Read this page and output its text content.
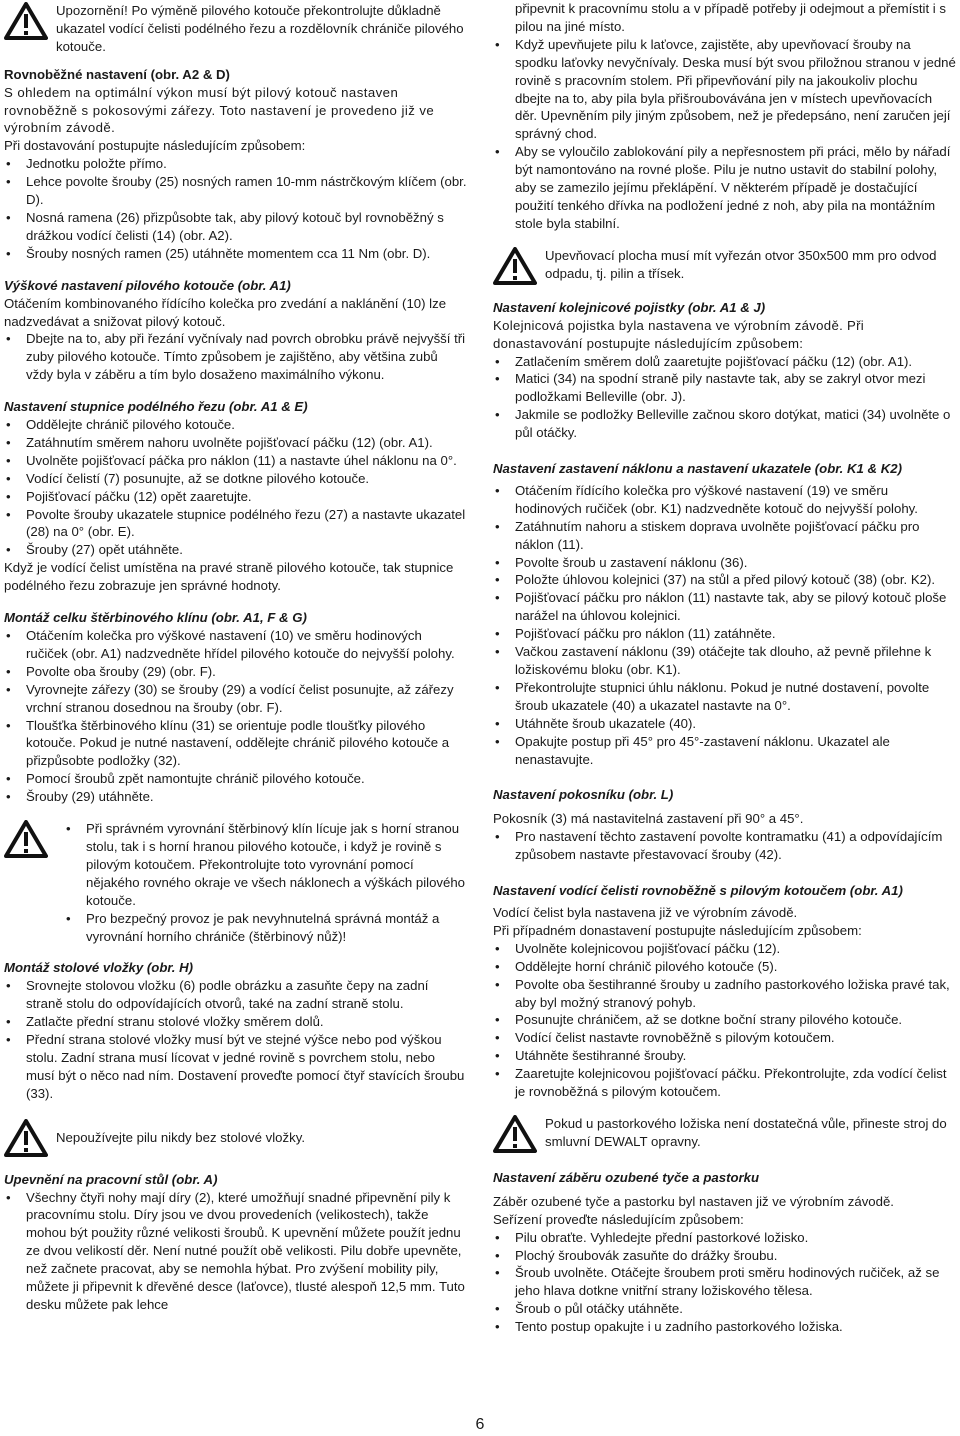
Upozornění! Po výměně pilového kotouče překontrolujte důkladně ukazatel vodící čelisti podélného řezu a rozdělovník chrániče pilového kotouče.

Rovnoběžné nastavení (obr. A2 & D)

S ohledem na optimální výkon musí být pilový kotouč nastaven rovnoběžně s pokosovými zářezy. Toto nastavení je provedeno již ve výrobním závodě.

Při dostavování postupujte následujícím způsobem:

• Jednotku položte přímo.
• Lehce povolte šrouby (25) nosných ramen 10-mm nástrčkovým klíčem (obr. D).
• Nosná ramena (26) přizpůsobte tak, aby pilový kotouč byl rovnoběžný s drážkou vodící čelisti (14) (obr. A2).
• Šrouby nosných ramen (25) utáhněte momentem cca 11 Nm (obr. D).

Výškové nastavení pilového kotouče (obr. A1)

Otáčením kombinovaného řídícího kolečka pro zvedání a naklánění (10) lze nadzvedávat a snižovat pilový kotouč.

• Dbejte na to, aby při řezání vyčnívaly nad povrch obrobku právě nejvyšší tři zuby pilového kotouče. Tímto způsobem je zajištěno, aby většina zubů vždy byla v záběru a tím bylo dosaženo maximálního výkonu.

Nastavení stupnice podélného řezu (obr. A1 & E)

• Oddělejte chránič pilového kotouče.
• Zatáhnutím směrem nahoru uvolněte pojišťovací páčku (12) (obr. A1).
• Uvolněte pojišťovací páčka pro náklon (11) a nastavte úhel náklonu na 0°.
• Vodící čelistí (7) posunujte, až se dotkne pilového kotouče.
• Pojišťovací páčku (12) opět zaaretujte.
• Povolte šrouby ukazatele stupnice podélného řezu (27) a nastavte ukazatel (28) na 0° (obr. E).
• Šrouby (27) opět utáhněte.

Když je vodící čelist umístěna na pravé straně pilového kotouče, tak stupnice podélného řezu zobrazuje jen správné hodnoty.

Montáž celku štěrbinového klínu (obr. A1, F & G)

• Otáčením kolečka pro výškové nastavení (10) ve směru hodinových ručiček (obr. A1) nadzvedněte hřídel pilového kotouče do nejvyšší polohy.
• Povolte oba šrouby (29) (obr. F).
• Vyrovnejte zářezy (30) se šrouby (29) a vodící čelist posunujte, až zářezy vrchní stranou dosednou na šrouby (obr. F).
• Tloušťka štěrbinového klínu (31) se orientuje podle tloušťky pilového kotouče. Pokud je nutné nastavení, oddělejte chránič pilového kotouče a přizpůsobte podložky (32).
• Pomocí šroubů zpět namontujte chránič pilového kotouče.
• Šrouby (29) utáhněte.
• Při správném vyrovnání štěrbinový klín lícuje jak s horní stranou stolu, tak i s horní hranou pilového kotouče, i když je rovině s pilovým kotoučem. Překontrolujte toto vyrovnání pomocí nějakého rovného okraje ve všech náklonech a výškách pilového kotouče.
• Pro bezpečný provoz je pak nevyhnutelná správná montáž a vyrovnání horního chrániče (štěrbinový nůž)!

Montáž stolové vložky (obr. H)

• Srovnejte stolovou vložku (6) podle obrázku a zasuňte čepy na zadní straně stolu do odpovídajících otvorů, také na zadní straně stolu.
• Zatlačte přední stranu stolové vložky směrem dolů.
• Přední strana stolové vložky musí být ve stejné výšce nebo pod výškou stolu. Zadní strana musí lícovat v jedné rovině s povrchem stolu, nebo musí být o něco nad ním. Dostavení proveďte pomocí čtyř stavících šroubu (33).
Nepoužívejte pilu nikdy bez stolové vložky.

Upevnění na pracovní stůl (obr. A)

• Všechny čtyři nohy mají díry (2), které umožňují snadné připevnění pily k pracovnímu stolu. Díry jsou ve dvou provedeních (velikostech), takže mohou být použity různé velikosti šroubů. K upevnění můžete použít jednu ze dvou velikostí děr. Není nutné použít obě velikosti. Pilu dobře upevněte, než začnete pracovat, aby se nemohla hýbat. Pro zvýšení mobility pily, můžete ji připevnit k dřevěné desce (laťovce), tlusté alespoň 12,5 mm. Tuto desku můžete pak lehce

připevnit k pracovnímu stolu a v případě potřeby ji odejmout a přemístit i s pilou na jiné místo.

• Když upevňujete pilu k laťovce, zajistěte, aby upevňovací šrouby na spodku laťovky nevyčnívaly. Deska musí být svou přiložnou stranou v jedné rovině s pracovním stolem. Při připevňování pily na jakoukoliv plochu dbejte na to, aby pila byla přišroubovávána jen v místech upevňovacích děr. Upevněním pily jiným způsobem, než je předepsáno, není zaručen její správný chod.
• Aby se vyloučilo zablokování pily a nepřesnostem při práci, mělo by nářadí být namontováno na rovné ploše. Pilu je nutno ustavit do stabilní polohy, aby se zamezilo jejímu překlápění. V některém případě je dostačující použití tenkého dřívka na podložení jedné z noh, aby pila na montážním stole byla stabilní.
Upevňovací plocha musí mít vyřezán otvor 350x500 mm pro odvod odpadu, tj. pilin a třísek.

Nastavení kolejnicové pojistky (obr. A1 & J)

Kolejnicová pojistka byla nastavena ve výrobním závodě. Při donastavování postupujte následujícím způsobem:

• Zatlačením směrem dolů zaaretujte pojišťovací páčku (12) (obr. A1).
• Matici (34) na spodní straně pily nastavte tak, aby se zakryl otvor mezi podložkami Belleville (obr. J).
• Jakmile se podložky Belleville začnou skoro dotýkat, matici (34) uvolněte o půl otáčky.

Nastavení zastavení náklonu a nastavení ukazatele (obr. K1 & K2)

• Otáčením řídícího kolečka pro výškové nastavení (19) ve směru hodinových ručiček (obr. K1) nadzvedněte kotouč do nejvyšší polohy.
• Zatáhnutím nahoru a stiskem doprava uvolněte pojišťovací páčku pro náklon (11).
• Povolte šroub u zastavení náklonu (36).
• Položte úhlovou kolejnici (37) na stůl a před pilový kotouč (38) (obr. K2).
• Pojišťovací páčku pro náklon (11) nastavte tak, aby se pilový kotouč ploše narážel na úhlovou kolejnici.
• Pojišťovací páčku pro náklon (11) zatáhněte.
• Vačkou zastavení náklonu (39) otáčejte tak dlouho, až pevně přilehne k ložiskovému bloku (obr. K1).
• Překontrolujte stupnici úhlu náklonu. Pokud je nutné dostavení, povolte šroub ukazatele (40) a ukazatel nastavte na 0°.
• Utáhněte šroub ukazatele (40).
• Opakujte postup při 45° pro 45°-zastavení náklonu. Ukazatel ale nenastavujte.

Nastavení pokosníku (obr. L)

Pokosník (3) má nastavitelná zastavení při 90° a 45°.

• Pro nastavení těchto zastavení povolte kontramatku (41) a odpovídajícím způsobem nastavte přestavovací šrouby (42).

Nastavení vodící čelisti rovnoběžně s pilovým kotoučem (obr. A1)

Vodící čelist byla nastavena již ve výrobním závodě.

Při případném donastavení postupujte následujícím způsobem:

• Uvolněte kolejnicovou pojišťovací páčku (12).
• Oddělejte horní chránič pilového kotouče (5).
• Povolte oba šestihranné šrouby u zadního pastorkového ložiska pravé tak, aby byl možný stranový pohyb.
• Posunujte chráničem, až se dotkne boční strany pilového kotouče.
• Vodící čelist nastavte rovnoběžně s pilovým kotoučem.
• Utáhněte šestihranné šrouby.
• Zaaretujte kolejnicovou pojišťovací páčku. Překontrolujte, zda vodící čelist je rovnoběžná s pilovým kotoučem.
Pokud u pastorkového ložiska není dostatečná vůle, přineste stroj do smluvní DEWALT opravny.

Nastavení záběru ozubené tyče a pastorku

Záběr ozubené tyče a pastorku byl nastaven již ve výrobním závodě.

Seřízení proveďte následujícím způsobem:

• Pilu obraťte. Vyhledejte přední pastorkové ložisko.
• Plochý šroubovák zasuňte do drážky šroubu.
• Šroub uvolněte. Otáčejte šroubem proti směru hodinových ručiček, až se jeho hlava dotkne vnitřní strany ložiskového tělesa.
• Šroub o půl otáčky utáhněte.
• Tento postup opakujte i u zadního pastorkového ložiska.
6
